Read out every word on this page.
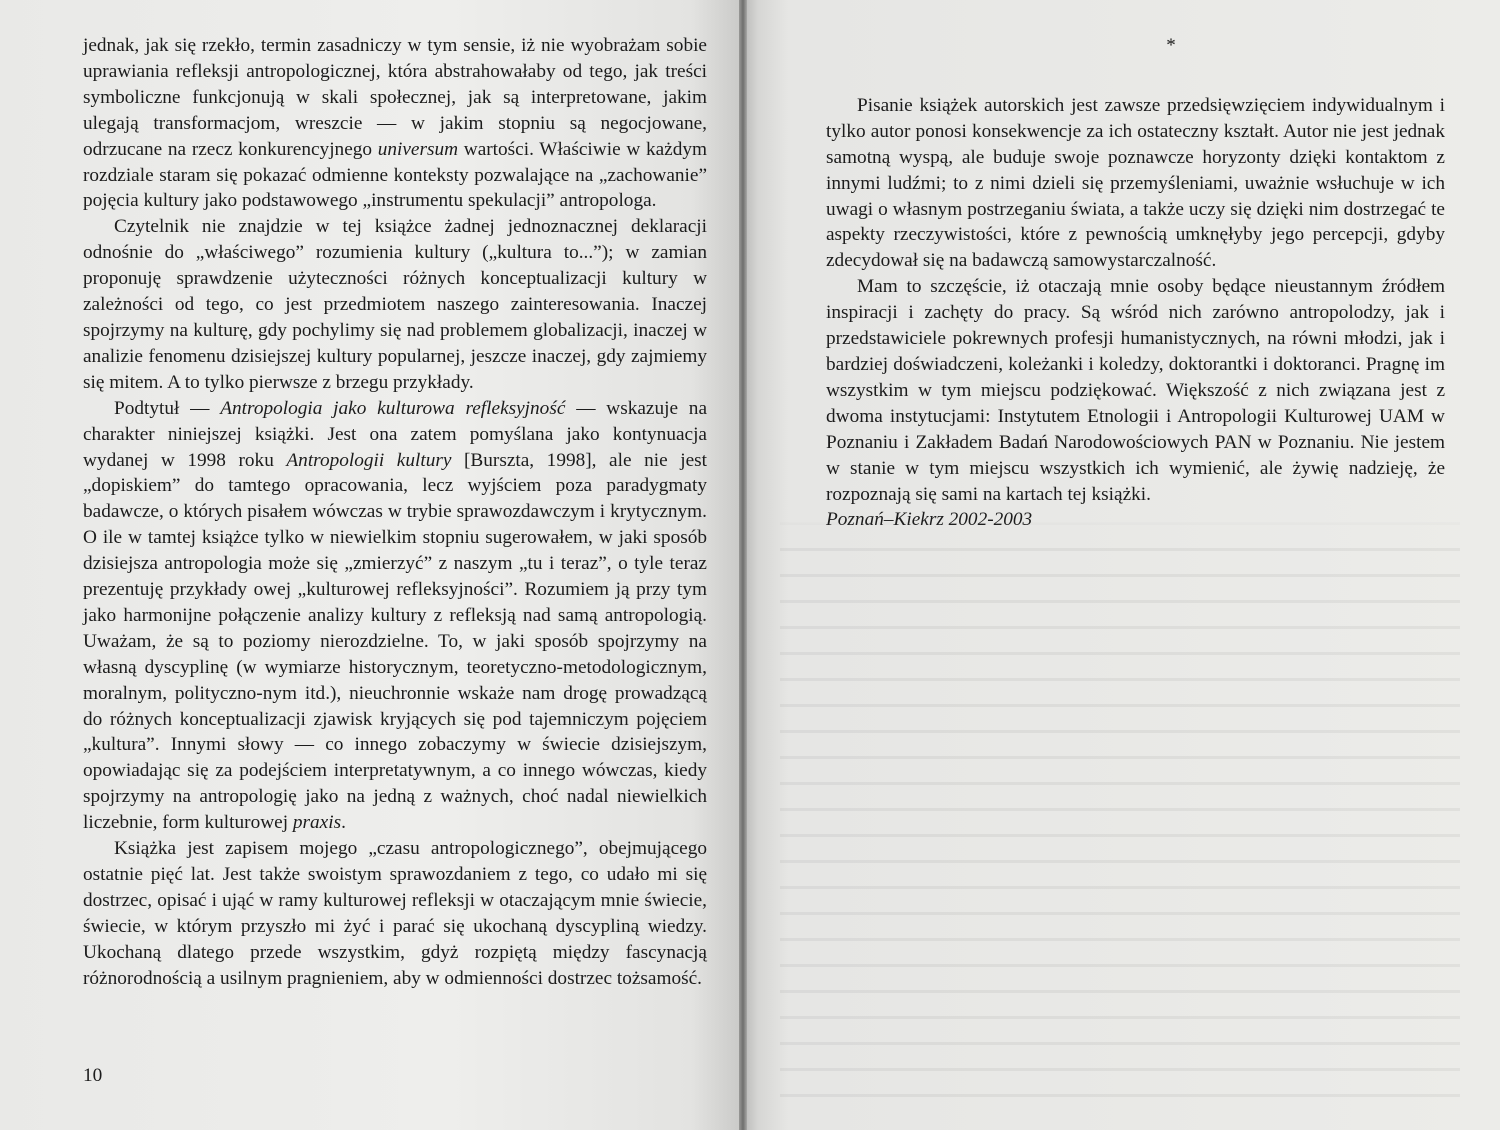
jednak, jak się rzekło, termin zasadniczy w tym sensie, iż nie wyobrażam sobie uprawiania refleksji antropologicznej, która abstrahowałaby od tego, jak treści symboliczne funkcjonują w skali społecznej, jak są interpretowane, jakim ulegają transformacjom, wreszcie — w jakim stopniu są negocjowane, odrzucane na rzecz konkurencyjnego universum wartości. Właściwie w każdym rozdziale staram się pokazać odmienne konteksty pozwalające na „zachowanie” pojęcia kultury jako podstawowego „instrumentu spekulacji” antropologa.

Czytelnik nie znajdzie w tej książce żadnej jednoznacznej deklaracji odnośnie do „właściwego” rozumienia kultury („kultura to...”); w zamian proponuję sprawdzenie użyteczności różnych konceptualizacji kultury w zależności od tego, co jest przedmiotem naszego zainteresowania. Inaczej spojrzymy na kulturę, gdy pochylimy się nad problemem globalizacji, inaczej w analizie fenomenu dzisiejszej kultury popularnej, jeszcze inaczej, gdy zajmiemy się mitem. A to tylko pierwsze z brzegu przykłady.

Podtytuł — Antropologia jako kulturowa refleksyjność — wskazuje na charakter niniejszej książki. Jest ona zatem pomyślana jako kontynuacja wydanej w 1998 roku Antropologii kultury [Burszta, 1998], ale nie jest „dopiskiem” do tamtego opracowania, lecz wyjściem poza paradygmaty badawcze, o których pisałem wówczas w trybie sprawozdawczym i krytycznym. O ile w tamtej książce tylko w niewielkim stopniu sugerowałem, w jaki sposób dzisiejsza antropologia może się „zmierzyć” z naszym „tu i teraz”, o tyle teraz prezentuję przykłady owej „kulturowej refleksyjności”. Rozumiem ją przy tym jako harmonijne połączenie analizy kultury z refleksją nad samą antropologią. Uważam, że są to poziomy nierozdzielne. To, w jaki sposób spojrzymy na własną dyscyplinę (w wymiarze historycznym, teoretyczno-metodologicznym, moralnym, polityczno-nym itd.), nieuchronnie wskaże nam drogę prowadzącą do różnych konceptualizacji zjawisk kryjących się pod tajemniczym pojęciem „kultura”. Innymi słowy — co innego zobaczymy w świecie dzisiejszym, opowiadając się za podejściem interpretatywnym, a co innego wówczas, kiedy spojrzymy na antropologię jako na jedną z ważnych, choć nadal niewielkich liczebnie, form kulturowej praxis.

Książka jest zapisem mojego „czasu antropologicznego”, obejmującego ostatnie pięć lat. Jest także swoistym sprawozdaniem z tego, co udało mi się dostrzec, opisać i ująć w ramy kulturowej refleksji w otaczającym mnie świecie, świecie, w którym przyszło mi żyć i parać się ukochaną dyscypliną wiedzy. Ukochaną dlatego przede wszystkim, gdyż rozpiętą między fascynacją różnorodnością a usilnym pragnieniem, aby w odmienności dostrzec tożsamość.

10

*

Pisanie książek autorskich jest zawsze przedsięwzięciem indywidualnym i tylko autor ponosi konsekwencje za ich ostateczny kształt. Autor nie jest jednak samotną wyspą, ale buduje swoje poznawcze horyzonty dzięki kontaktom z innymi ludźmi; to z nimi dzieli się przemyśleniami, uważnie wsłuchuje w ich uwagi o własnym postrzeganiu świata, a także uczy się dzięki nim dostrzegać te aspekty rzeczywistości, które z pewnością umknęłyby jego percepcji, gdyby zdecydował się na badawczą samowystarczalność.

Mam to szczęście, iż otaczają mnie osoby będące nieustannym źródłem inspiracji i zachęty do pracy. Są wśród nich zarówno antropolodzy, jak i przedstawiciele pokrewnych profesji humanistycznych, na równi młodzi, jak i bardziej doświadczeni, koleżanki i koledzy, doktorantki i doktoranci. Pragnę im wszystkim w tym miejscu podziękować. Większość z nich związana jest z dwoma instytucjami: Instytutem Etnologii i Antropologii Kulturowej UAM w Poznaniu i Zakładem Badań Narodowościowych PAN w Poznaniu. Nie jestem w stanie w tym miejscu wszystkich ich wymienić, ale żywię nadzieję, że rozpoznają się sami na kartach tej książki.

Poznań–Kiekrz 2002-2003
